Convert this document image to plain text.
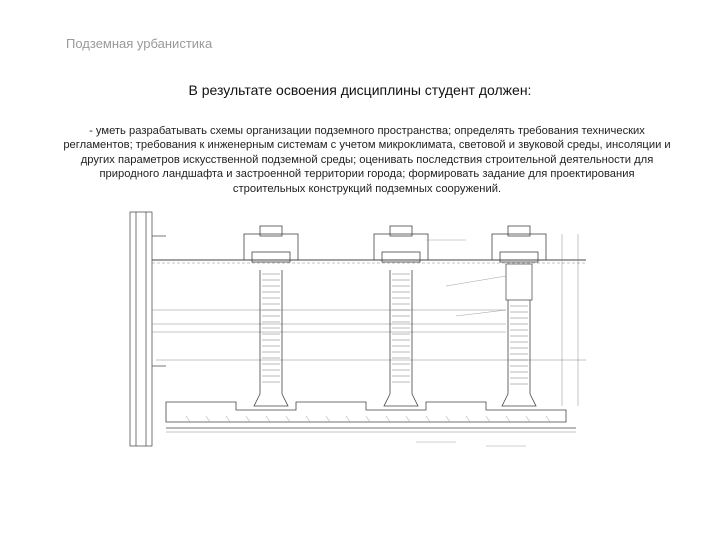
Подземная урбанистика
В результате освоения дисциплины студент должен:
- уметь разрабатывать схемы организации подземного пространства; определять требования технических регламентов; требования к инженерным системам с учетом микроклимата, световой и звуковой среды, инсоляции и других параметров искусственной подземной среды; оценивать последствия строительной деятельности для природного ландшафта и застроенной территории города; формировать задание для проектирования строительных конструкций подземных сооружений.
